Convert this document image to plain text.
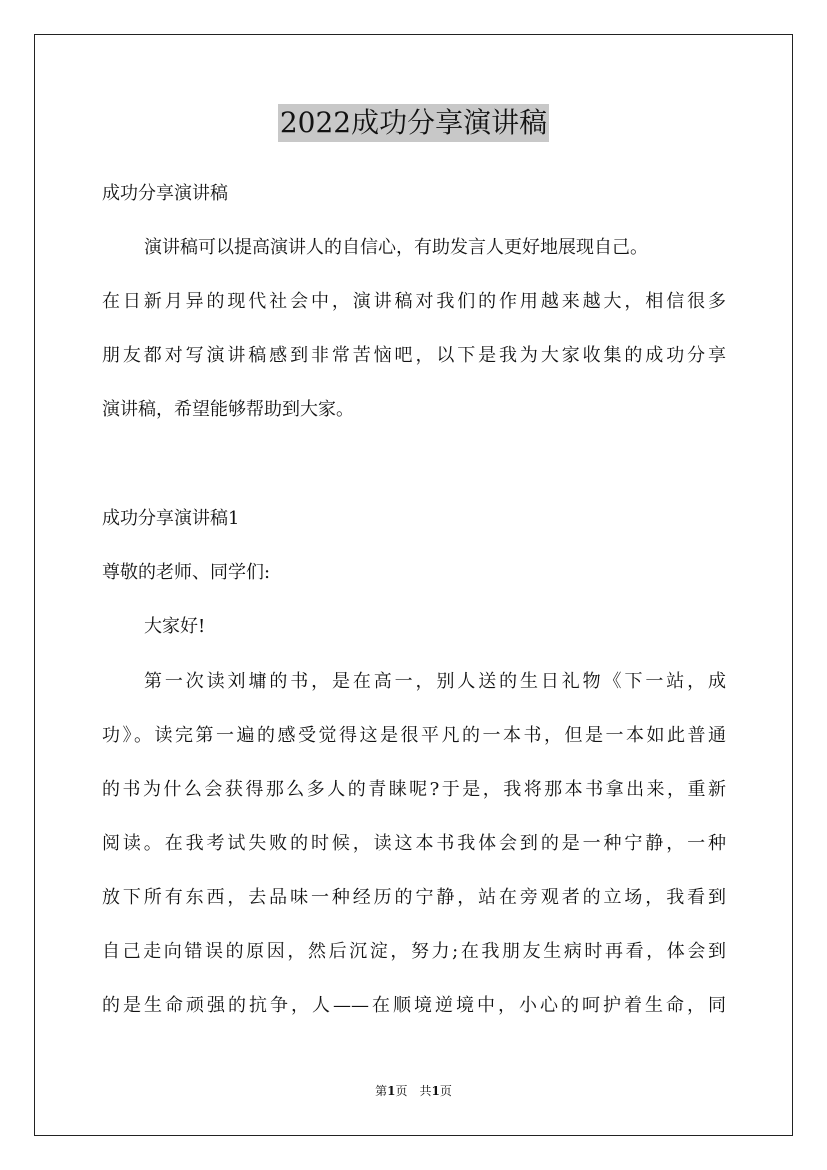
2022成功分享演讲稿
成功分享演讲稿
演讲稿可以提高演讲人的自信心，有助发言人更好地展现自己。
在日新月异的现代社会中，演讲稿对我们的作用越来越大，相信很多
朋友都对写演讲稿感到非常苦恼吧，以下是我为大家收集的成功分享
演讲稿，希望能够帮助到大家。
成功分享演讲稿1
尊敬的老师、同学们:
大家好!
第一次读刘墉的书，是在高一，别人送的生日礼物《下一站，成
功》。读完第一遍的感受觉得这是很平凡的一本书，但是一本如此普通
的书为什么会获得那么多人的青睐呢?于是，我将那本书拿出来，重新
阅读。在我考试失败的时候，读这本书我体会到的是一种宁静，一种
放下所有东西，去品味一种经历的宁静，站在旁观者的立场，我看到
自己走向错误的原因，然后沉淀，努力;在我朋友生病时再看，体会到
的是生命顽强的抗争，人——在顺境逆境中，小心的呵护着生命，同
第1页 共1页
